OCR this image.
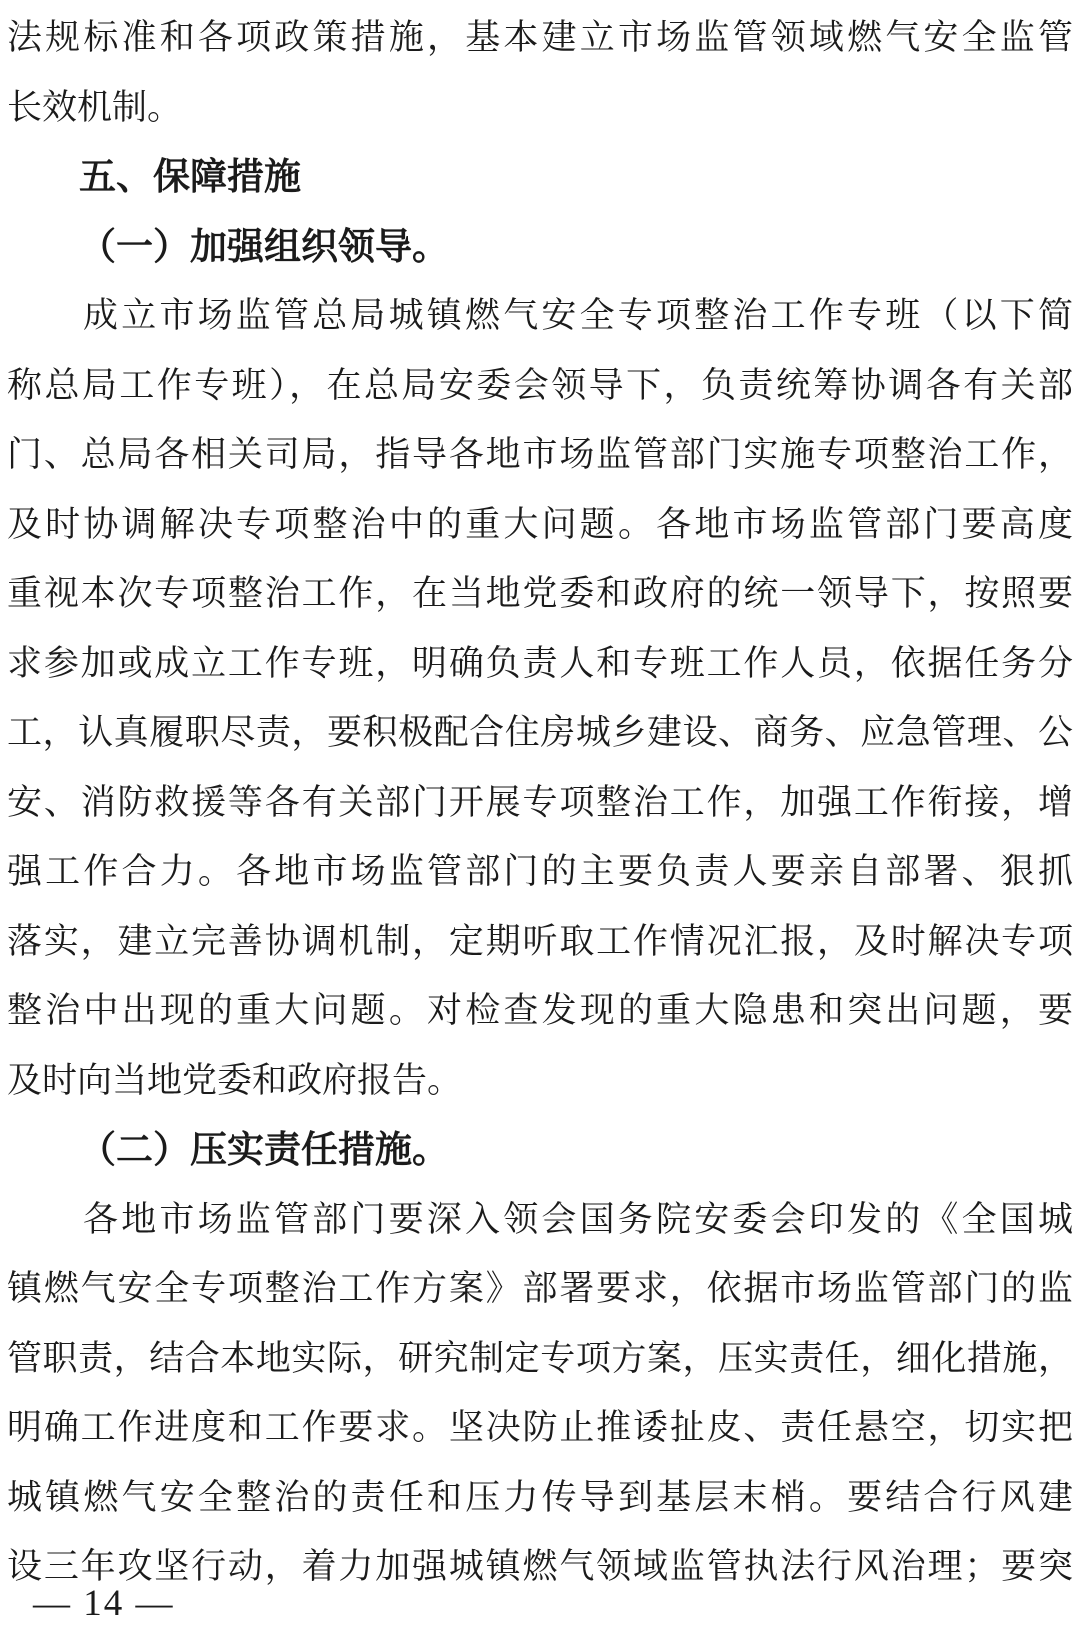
法规标准和各项政策措施，基本建立市场监管领域燃气安全监管
长效机制。
五、保障措施
（一）加强组织领导。
成立市场监管总局城镇燃气安全专项整治工作专班（以下简
称总局工作专班），在总局安委会领导下，负责统筹协调各有关部
门、总局各相关司局，指导各地市场监管部门实施专项整治工作，
及时协调解决专项整治中的重大问题。各地市场监管部门要高度
重视本次专项整治工作，在当地党委和政府的统一领导下，按照要
求参加或成立工作专班，明确负责人和专班工作人员，依据任务分
工，认真履职尽责，要积极配合住房城乡建设、商务、应急管理、公
安、消防救援等各有关部门开展专项整治工作，加强工作衔接，增
强工作合力。各地市场监管部门的主要负责人要亲自部署、狠抓
落实，建立完善协调机制，定期听取工作情况汇报，及时解决专项
整治中出现的重大问题。对检查发现的重大隐患和突出问题，要
及时向当地党委和政府报告。
（二）压实责任措施。
各地市场监管部门要深入领会国务院安委会印发的《全国城
镇燃气安全专项整治工作方案》部署要求，依据市场监管部门的监
管职责，结合本地实际，研究制定专项方案，压实责任，细化措施，
明确工作进度和工作要求。坚决防止推诿扯皮、责任悬空，切实把
城镇燃气安全整治的责任和压力传导到基层末梢。要结合行风建
设三年攻坚行动，着力加强城镇燃气领域监管执法行风治理；要突
— 14 —
